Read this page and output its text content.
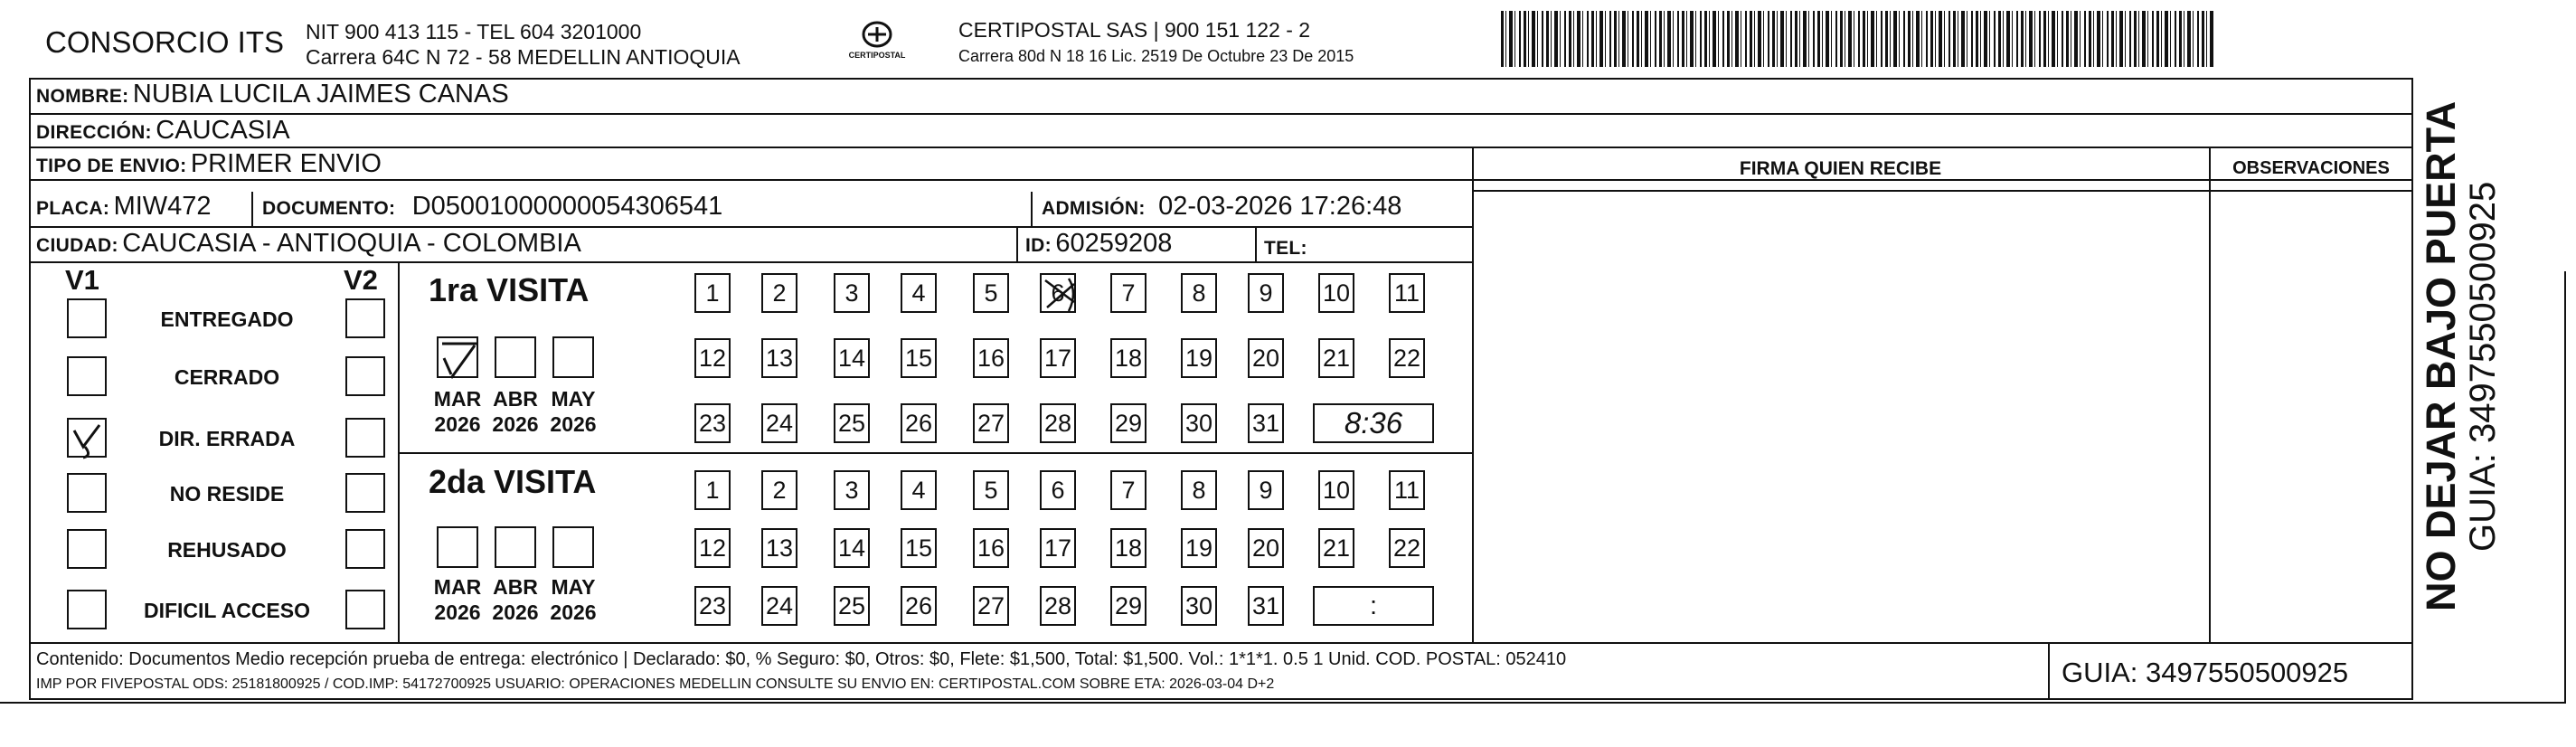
CONSORCIO ITS NIT 900 413 115 - TEL 604 3201000
Carrera 64C N 72 - 58 MEDELLIN ANTIOQUIA	CERTIPOSTAL
CERTIPOSTAL SAS | 900 151 122 - 2
Carrera 80d N 18 16 Lic. 2519 De Octubre 23 De 2015
NOMBRE: NUBIA LUCILA JAIMES CANAS
DIRECCIÓN: CAUCASIA
TIPO DE ENVIO: PRIMER ENVIO	FIRMA QUIEN RECIBE	OBSERVACIONES
PLACA: MIW472	DOCUMENTO: D05001000000054306541	ADMISIÓN: 02-03-2026 17:26:48
CIUDAD: CAUCASIA - ANTIOQUIA - COLOMBIA	ID: 60259208	TEL:
V1	V2
ENTREGADO
CERRADO
DIR. ERRADA
NO RESIDE
REHUSADO
DIFICIL ACCESO
1ra VISITA
2da VISITA
MAR
2026
ABR
2026
MAY
2026
MAR
2026
ABR
2026
MAY
2026
1	2	3	4	5	6	7	8	9	10 11
12 13 14 15 16 17 18 19 20 21 22
23 24 25 26 27 28 29 30 31	8:36
1	2	3	4	5	6	7	8	9	10 11
12 13 14 15 16 17 18 19 20 21 22
23 24 25 26 27 28 29 30 31	:
Contenido: Documentos Medio recepción prueba de entrega: electrónico | Declarado: $0, % Seguro: $0, Otros: $0, Flete: $1,500, Total: $1,500. Vol.: 1*1*1. 0.5 1 Unid. COD. POSTAL: 052410
IMP POR FIVEPOSTAL ODS: 25181800925 / COD.IMP: 54172700925 USUARIO: OPERACIONES MEDELLIN CONSULTE SU ENVIO EN: CERTIPOSTAL.COM SOBRE ETA: 2026-03-04 D+2	GUIA: 3497550500925
NO DEJAR BAJO PUERTA GUIA: 3497550500925
